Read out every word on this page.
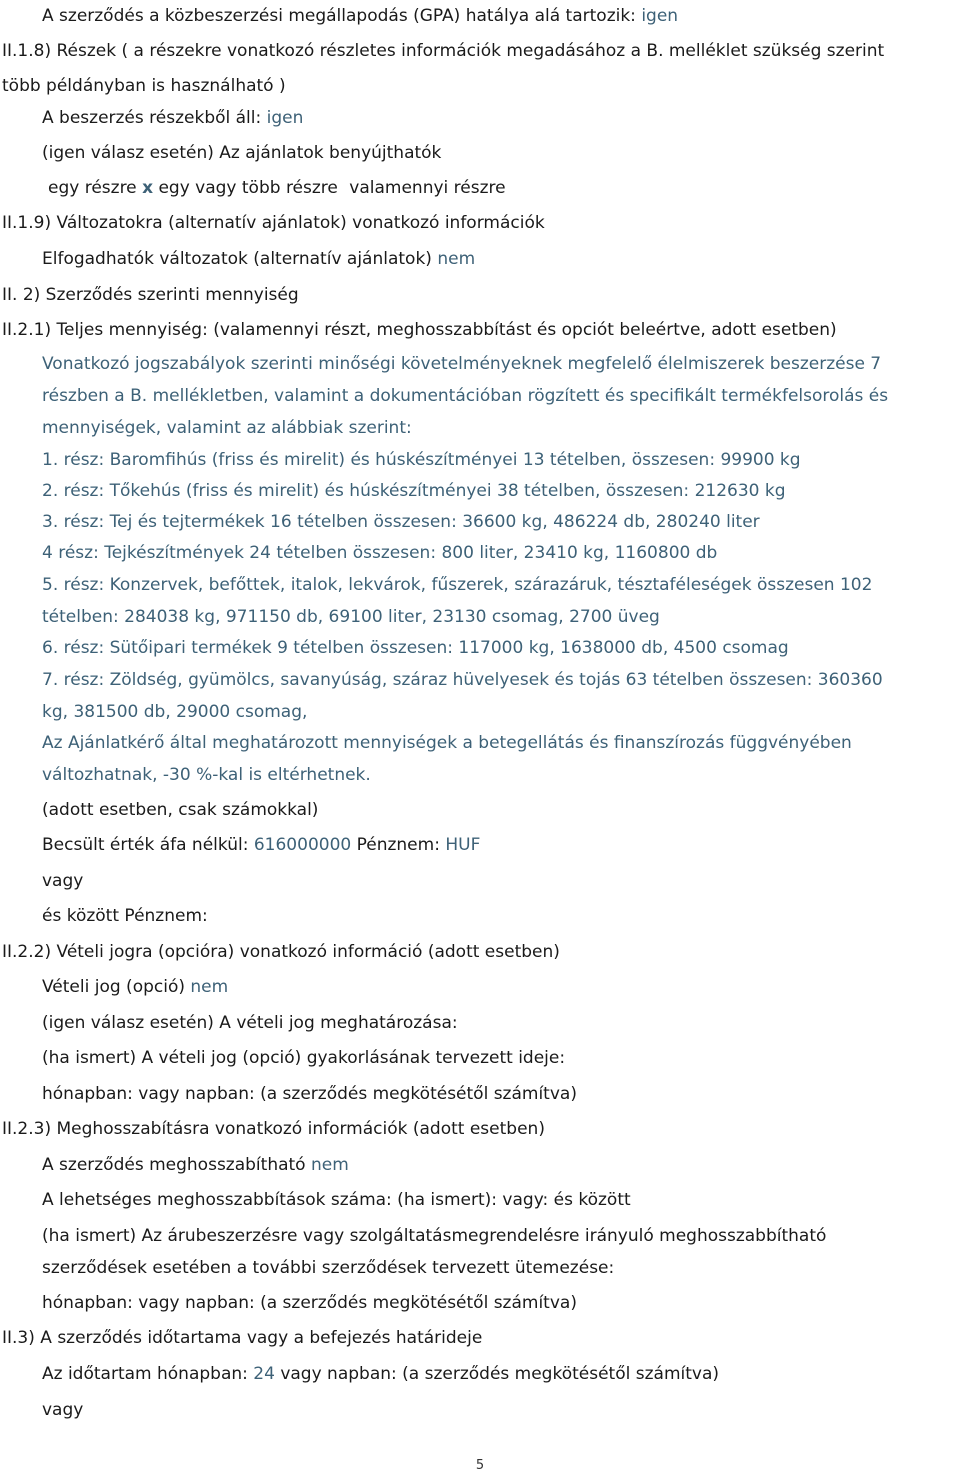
A szerződés a közbeszerzési megállapodás (GPA) hatálya alá tartozik: igen
II.1.8) Részek ( a részekre vonatkozó részletes információk megadásához a B. melléklet szükség szerint
több példányban is használható )
A beszerzés részekből áll: igen
(igen válasz esetén) Az ajánlatok benyújthatók
egy részre x egy vagy több részre valamennyi részre
II.1.9) Változatokra (alternatív ajánlatok) vonatkozó információk
Elfogadhatók változatok (alternatív ajánlatok) nem
II. 2) Szerződés szerinti mennyiség
II.2.1) Teljes mennyiség: (valamennyi részt, meghosszabbítást és opciót beleértve, adott esetben)
Vonatkozó jogszabályok szerinti minőségi követelményeknek megfelelő élelmiszerek beszerzése 7
részben a B. mellékletben, valamint a dokumentációban rögzített és specifikált termékfelsorolás és
mennyiségek, valamint az alábbiak szerint:
1. rész: Baromfihús (friss és mirelit) és húskészítményei 13 tételben, összesen: 99900 kg
2. rész: Tőkehús (friss és mirelit) és húskészítményei 38 tételben, összesen: 212630 kg
3. rész: Tej és tejtermékek 16 tételben összesen: 36600 kg, 486224 db, 280240 liter
4 rész: Tejkészítmények 24 tételben összesen: 800 liter, 23410 kg, 1160800 db
5. rész: Konzervek, befőttek, italok, lekvárok, fűszerek, szárazáruk, tésztaféleségek összesen 102
tételben: 284038 kg, 971150 db, 69100 liter, 23130 csomag, 2700 üveg
6. rész: Sütőipari termékek 9 tételben összesen: 117000 kg, 1638000 db, 4500 csomag
7. rész: Zöldség, gyümölcs, savanyúság, száraz hüvelyesek és tojás 63 tételben összesen: 360360
kg, 381500 db, 29000 csomag,
Az Ajánlatkérő által meghatározott mennyiségek a betegellátás és finanszírozás függvényében
változhatnak, -30 %-kal is eltérhetnek.
(adott esetben, csak számokkal)
Becsült érték áfa nélkül: 616000000 Pénznem: HUF
vagy
és között Pénznem:
II.2.2) Vételi jogra (opcióra) vonatkozó információ (adott esetben)
Vételi jog (opció) nem
(igen válasz esetén) A vételi jog meghatározása:
(ha ismert) A vételi jog (opció) gyakorlásának tervezett ideje:
hónapban: vagy napban: (a szerződés megkötésétől számítva)
II.2.3) Meghosszabításra vonatkozó információk (adott esetben)
A szerződés meghosszabítható nem
A lehetséges meghosszabbítások száma: (ha ismert): vagy: és között
(ha ismert) Az árubeszerzésre vagy szolgáltatásmegrendelésre irányuló meghosszabbítható
szerződések esetében a további szerződések tervezett ütemezése:
hónapban: vagy napban: (a szerződés megkötésétől számítva)
II.3) A szerződés időtartama vagy a befejezés határideje
Az időtartam hónapban: 24 vagy napban: (a szerződés megkötésétől számítva)
vagy
5
